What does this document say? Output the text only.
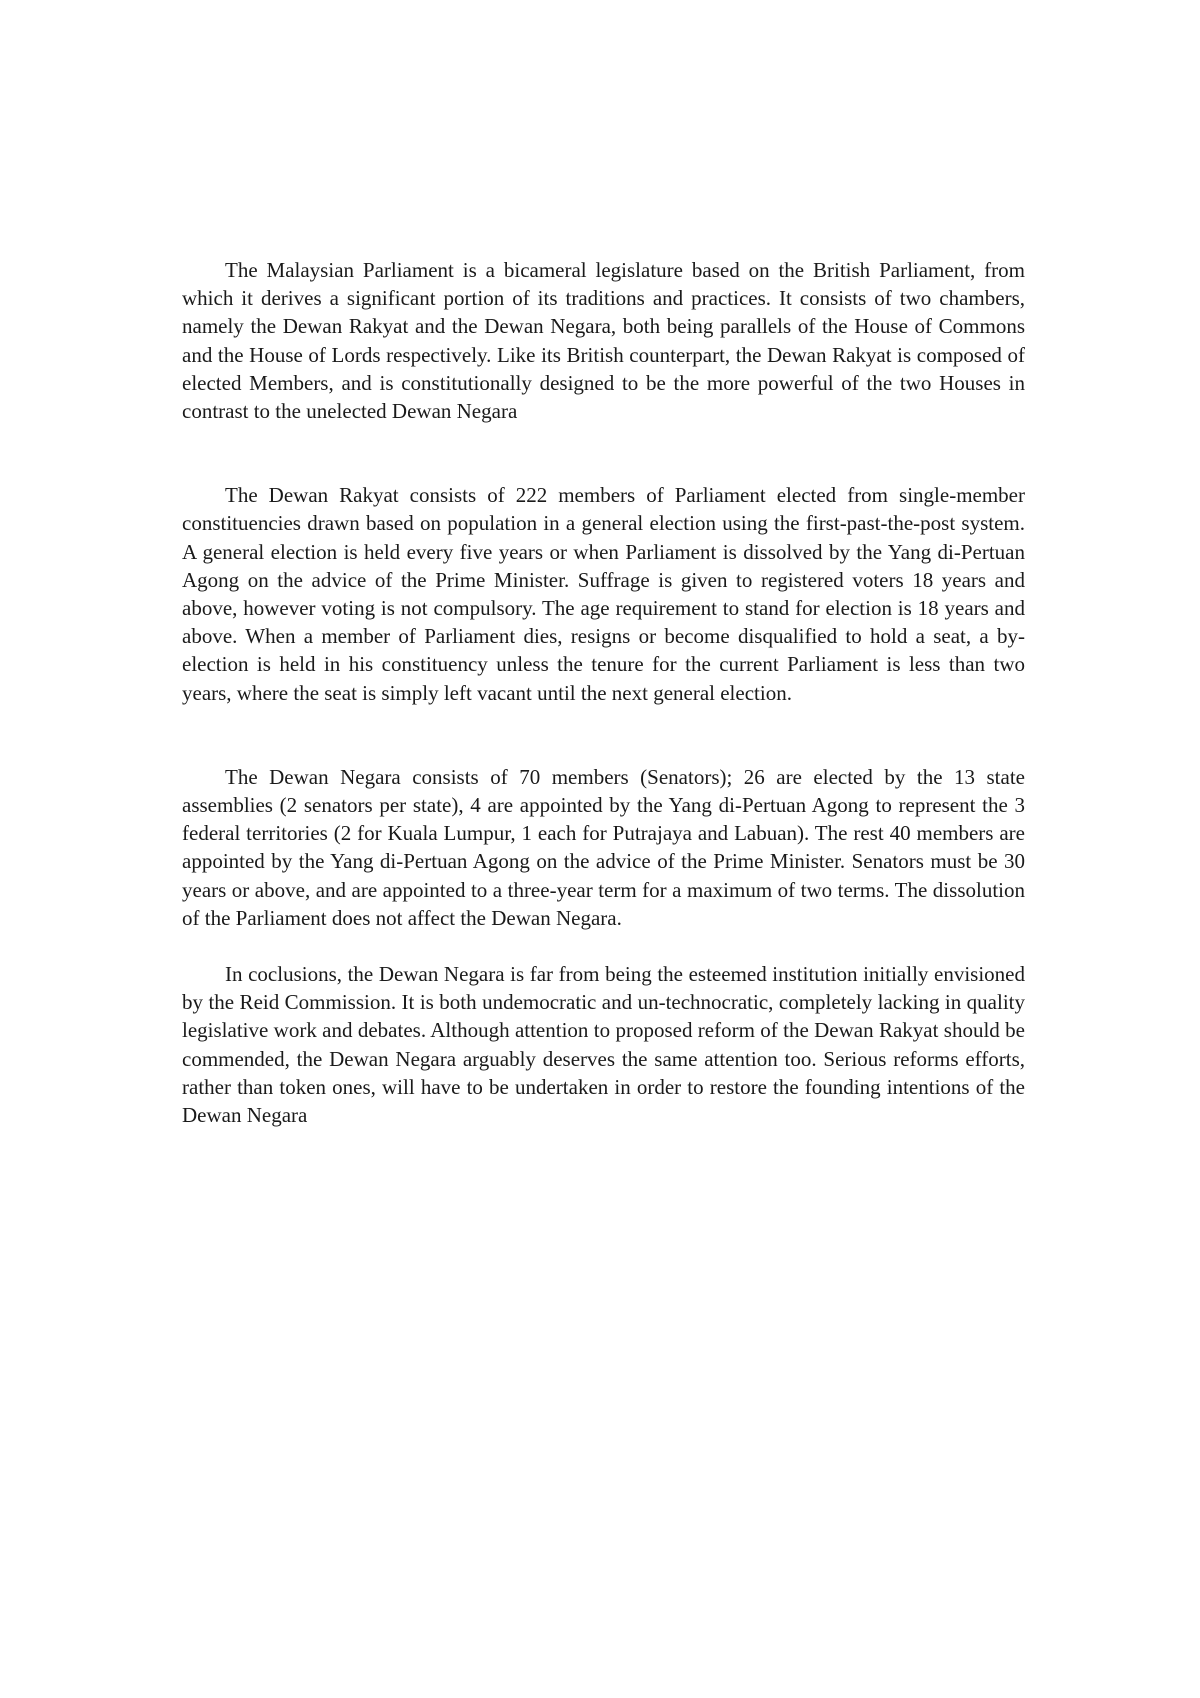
The Malaysian Parliament is a bicameral legislature based on the British Parliament, from which it derives a significant portion of its traditions and practices. It consists of two chambers, namely the Dewan Rakyat and the Dewan Negara, both being parallels of the House of Commons and the House of Lords respectively. Like its British counterpart, the Dewan Rakyat is composed of elected Members, and is constitutionally designed to be the more powerful of the two Houses in contrast to the unelected Dewan Negara

The Dewan Rakyat consists of 222 members of Parliament elected from single-member constituencies drawn based on population in a general election using the first-past-the-post system. A general election is held every five years or when Parliament is dissolved by the Yang di-Pertuan Agong on the advice of the Prime Minister. Suffrage is given to registered voters 18 years and above, however voting is not compulsory. The age requirement to stand for election is 18 years and above. When a member of Parliament dies, resigns or become disqualified to hold a seat, a by-election is held in his constituency unless the tenure for the current Parliament is less than two years, where the seat is simply left vacant until the next general election.

The Dewan Negara consists of 70 members (Senators); 26 are elected by the 13 state assemblies (2 senators per state), 4 are appointed by the Yang di-Pertuan Agong to represent the 3 federal territories (2 for Kuala Lumpur, 1 each for Putrajaya and Labuan). The rest 40 members are appointed by the Yang di-Pertuan Agong on the advice of the Prime Minister. Senators must be 30 years or above, and are appointed to a three-year term for a maximum of two terms. The dissolution of the Parliament does not affect the Dewan Negara.

In coclusions, the Dewan Negara is far from being the esteemed institution initially envisioned by the Reid Commission. It is both undemocratic and un-technocratic, completely lacking in quality legislative work and debates. Although attention to proposed reform of the Dewan Rakyat should be commended, the Dewan Negara arguably deserves the same attention too. Serious reforms efforts, rather than token ones, will have to be undertaken in order to restore the founding intentions of the Dewan Negara
